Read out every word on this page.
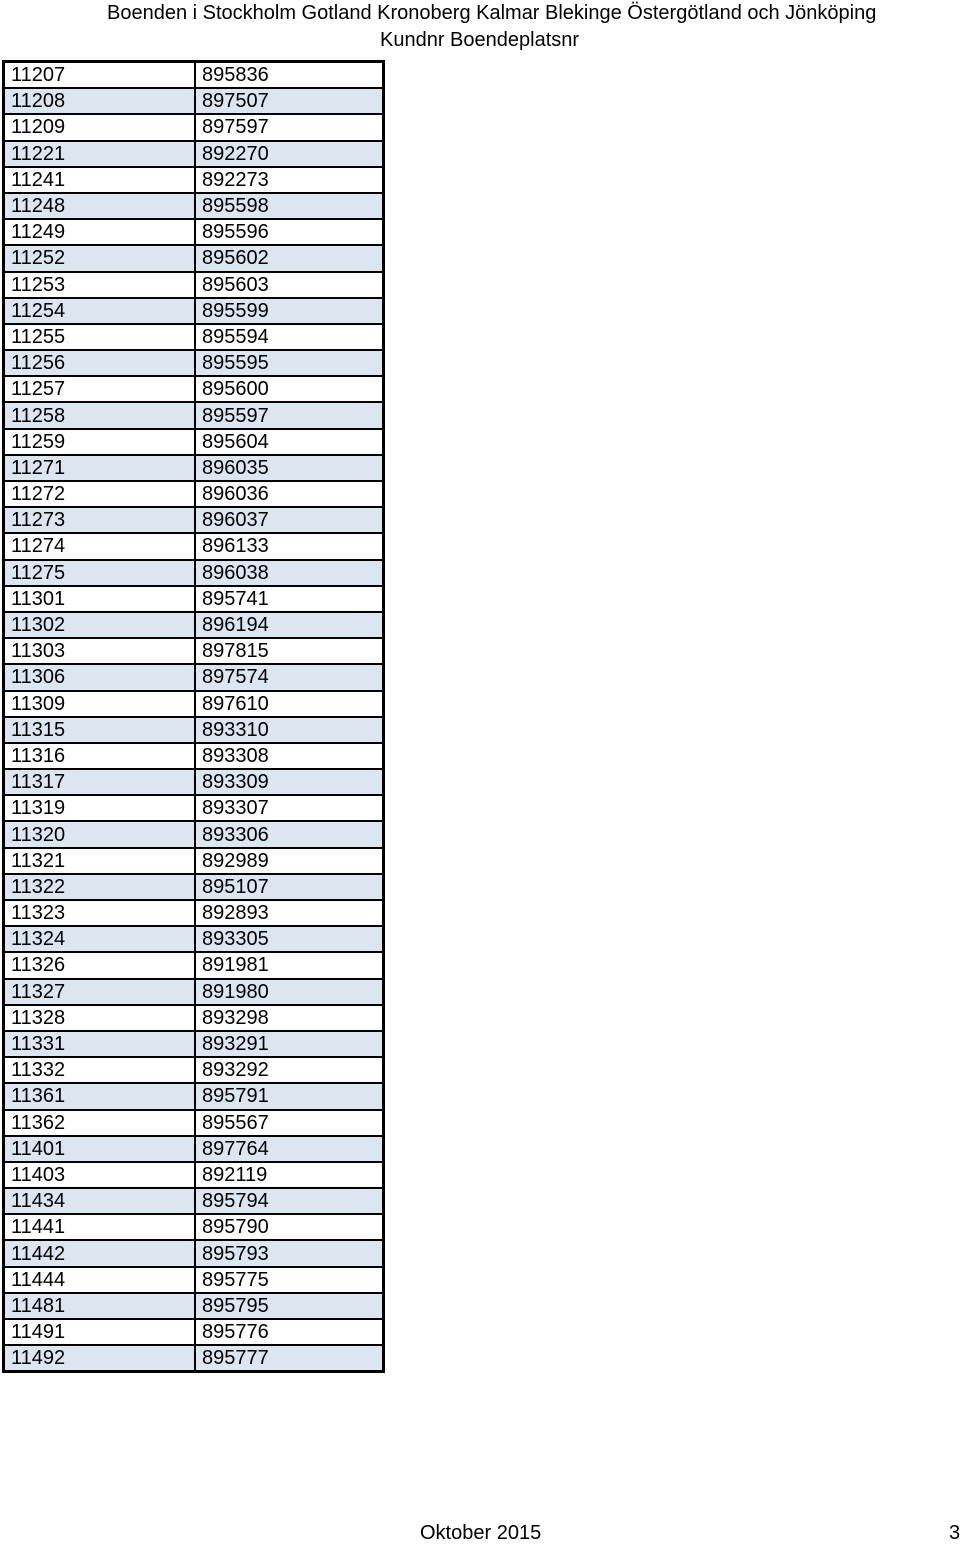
Boenden i Stockholm Gotland Kronoberg Kalmar Blekinge Östergötland och Jönköping
Kundnr Boendeplatsnr
11207	895836
11208	897507
11209	897597
11221	892270
11241	892273
11248	895598
11249	895596
11252	895602
11253	895603
11254	895599
11255	895594
11256	895595
11257	895600
11258	895597
11259	895604
11271	896035
11272	896036
11273	896037
11274	896133
11275	896038
11301	895741
11302	896194
11303	897815
11306	897574
11309	897610
11315	893310
11316	893308
11317	893309
11319	893307
11320	893306
11321	892989
11322	895107
11323	892893
11324	893305
11326	891981
11327	891980
11328	893298
11331	893291
11332	893292
11361	895791
11362	895567
11401	897764
11403	892119
11434	895794
11441	895790
11442	895793
11444	895775
11481	895795
11491	895776
11492	895777
Oktober 2015	3
